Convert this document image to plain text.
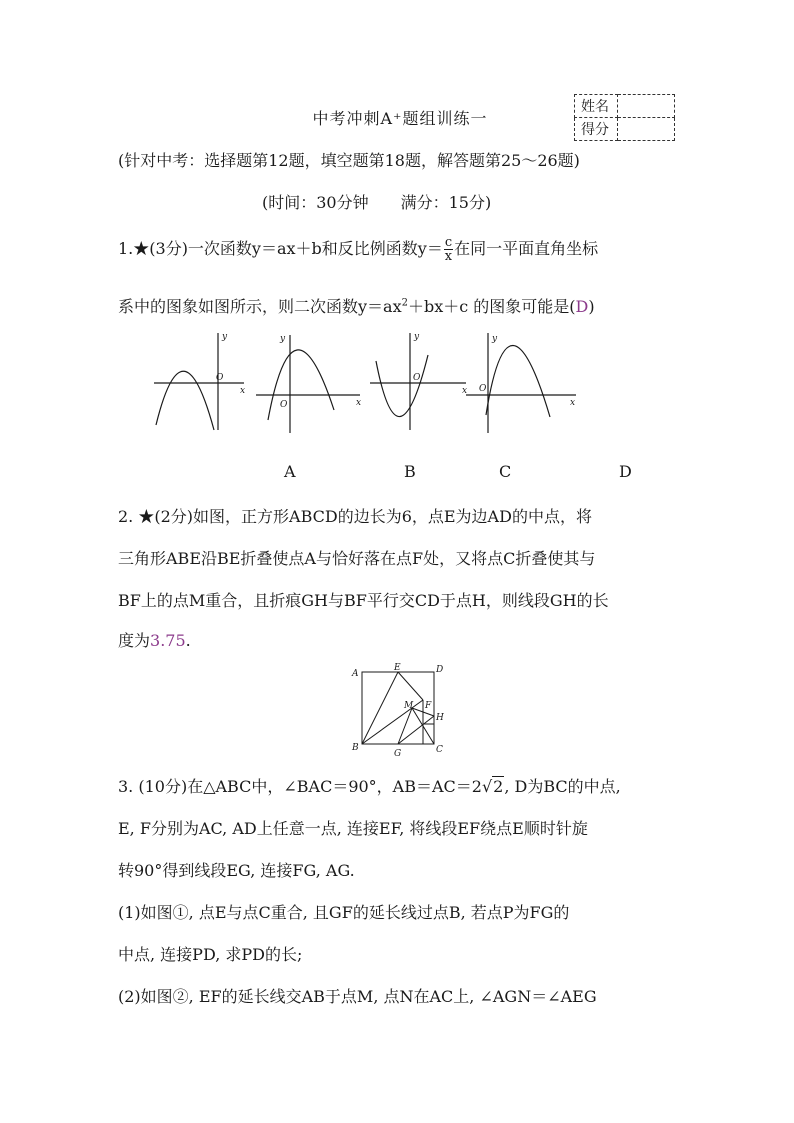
中考冲刺A⁺题组训练一
姓名	
得分	
(针对中考：选择题第12题，填空题第18题，解答题第25～26题)
(时间：30分钟　　满分：15分)
1.★(3分)一次函数y＝ax＋b和反比例函数$y= \frac{c}{x}$ 在同一平面直角坐标
系中的图象如图所示，则二次函数$y=ax^2+bx+c$ 的图象可能是(D)
y
x
O
y
x
O
y
x
O
y
x
O
A	B	C	D
2. ★(2分)如图，正方形ABCD的边长为6，点E为边AD的中点，将
三角形ABE沿BE折叠使点A与恰好落在点F处，又将点C折叠使其与
BF上的点M重合，且折痕GH与BF平行交CD于点H，则线段GH的长
度为3.75.
A
E	D
F
M
H
B
G	C
3. (10分)在△ABC中，∠BAC＝90°，AB＝AC＝2√2, D为BC的中点,
E, F分别为AC, AD上任意一点, 连接EF, 将线段EF绕点E顺时针旋
转90°得到线段EG, 连接FG, AG.
(1)如图①, 点E与点C重合, 且GF的延长线过点B, 若点P为FG的
中点, 连接PD, 求PD的长;
(2)如图②, EF的延长线交AB于点M, 点N在AC上, ∠AGN＝∠AEG
